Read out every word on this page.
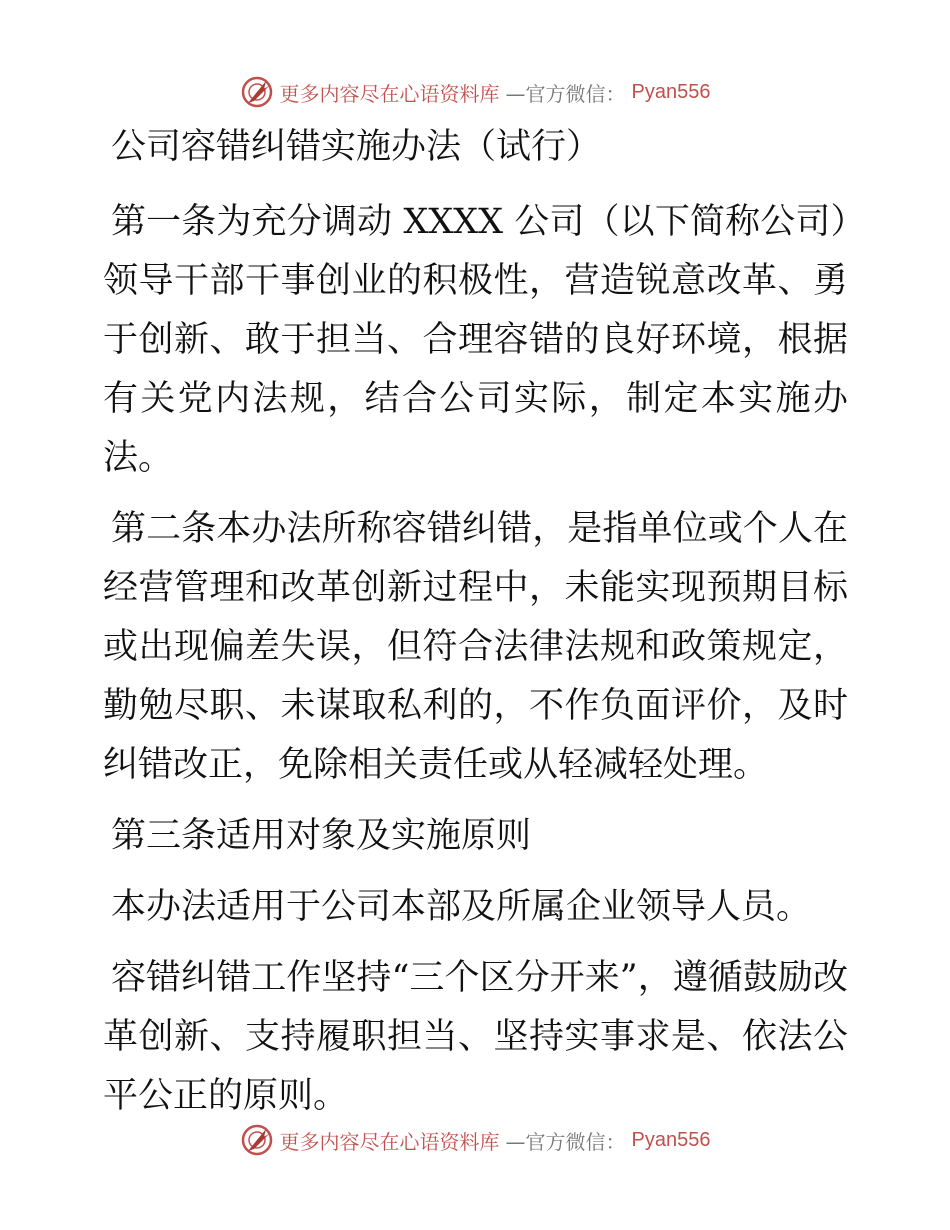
更多内容尽在心语资料库 —官方微信： Pyan556

公司容错纠错实施办法（试行）

第一条为充分调动 XXXX 公司（以下简称公司）领导干部干事创业的积极性，营造锐意改革、勇于创新、敢于担当、合理容错的良好环境，根据有关党内法规，结合公司实际，制定本实施办法。

第二条本办法所称容错纠错，是指单位或个人在经营管理和改革创新过程中，未能实现预期目标或出现偏差失误，但符合法律法规和政策规定，勤勉尽职、未谋取私利的，不作负面评价，及时纠错改正，免除相关责任或从轻减轻处理。

第三条适用对象及实施原则

本办法适用于公司本部及所属企业领导人员。

容错纠错工作坚持“三个区分开来”，遵循鼓励改革创新、支持履职担当、坚持实事求是、依法公平公正的原则。

更多内容尽在心语资料库 —官方微信： Pyan556
